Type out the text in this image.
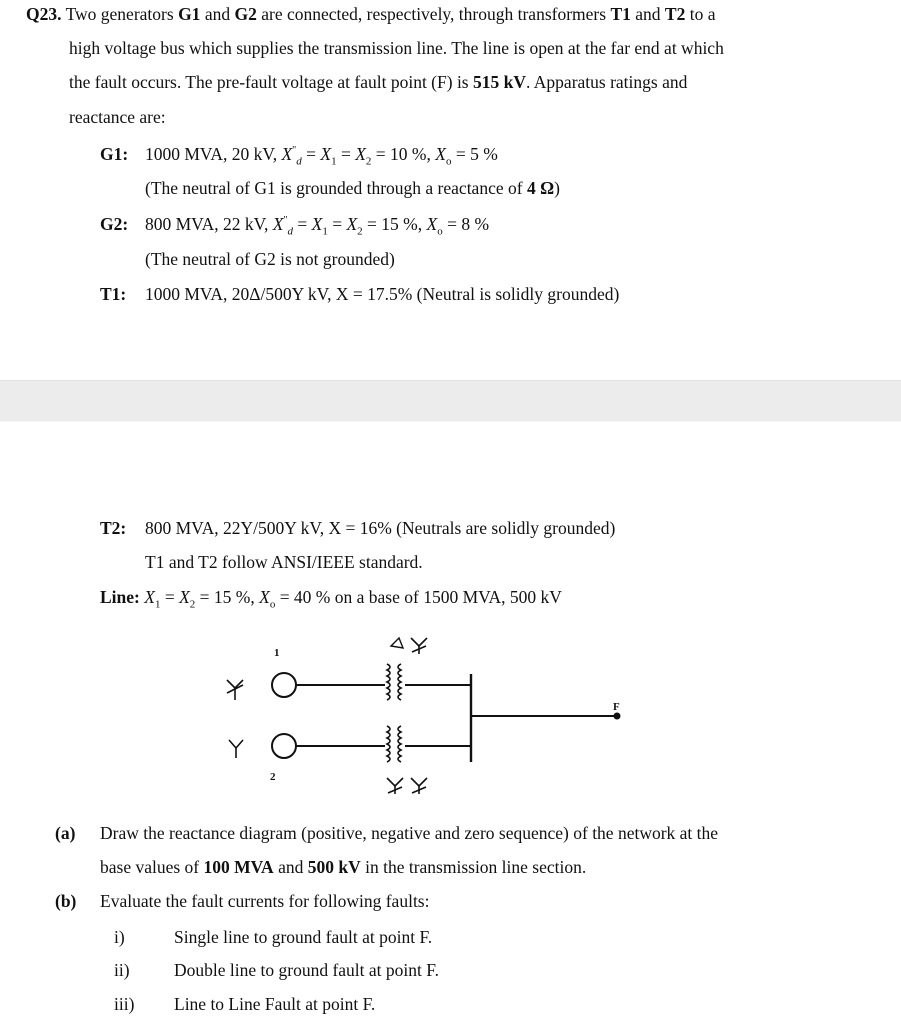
Q23. Two generators G1 and G2 are connected, respectively, through transformers T1 and T2 to a
high voltage bus which supplies the transmission line. The line is open at the far end at which
the fault occurs. The pre-fault voltage at fault point (F) is 515 kV. Apparatus ratings and
reactance are:
G1: 1000 MVA, 20 kV, $X^"_d = X_1 = X_2 = 10$ %, $X_o = 5$ %
(The neutral of G1 is grounded through a reactance of 4 Ω)
G2: 800 MVA, 22 kV, $X^"_d = X_1 = X_2 = 15$ %, $X_o = 8$ %
(The neutral of G2 is not grounded)
T1: 1000 MVA, 20Δ/500Y kV, X = 17.5% (Neutral is solidly grounded)
T2: 800 MVA, 22Y/500Y kV, X = 16% (Neutrals are solidly grounded)
T1 and T2 follow ANSI/IEEE standard.
Line: $X_1 = X_2 = 15$ %, $X_o = 40$ % on a base of 1500 MVA, 500 kV
1
2
F
(a) Draw the reactance diagram (positive, negative and zero sequence) of the network at the
base values of 100 MVA and 500 kV in the transmission line section.
(b) Evaluate the fault currents for following faults:
i)	Single line to ground fault at point F.
ii)	Double line to ground fault at point F.
iii) Line to Line Fault at point F.
